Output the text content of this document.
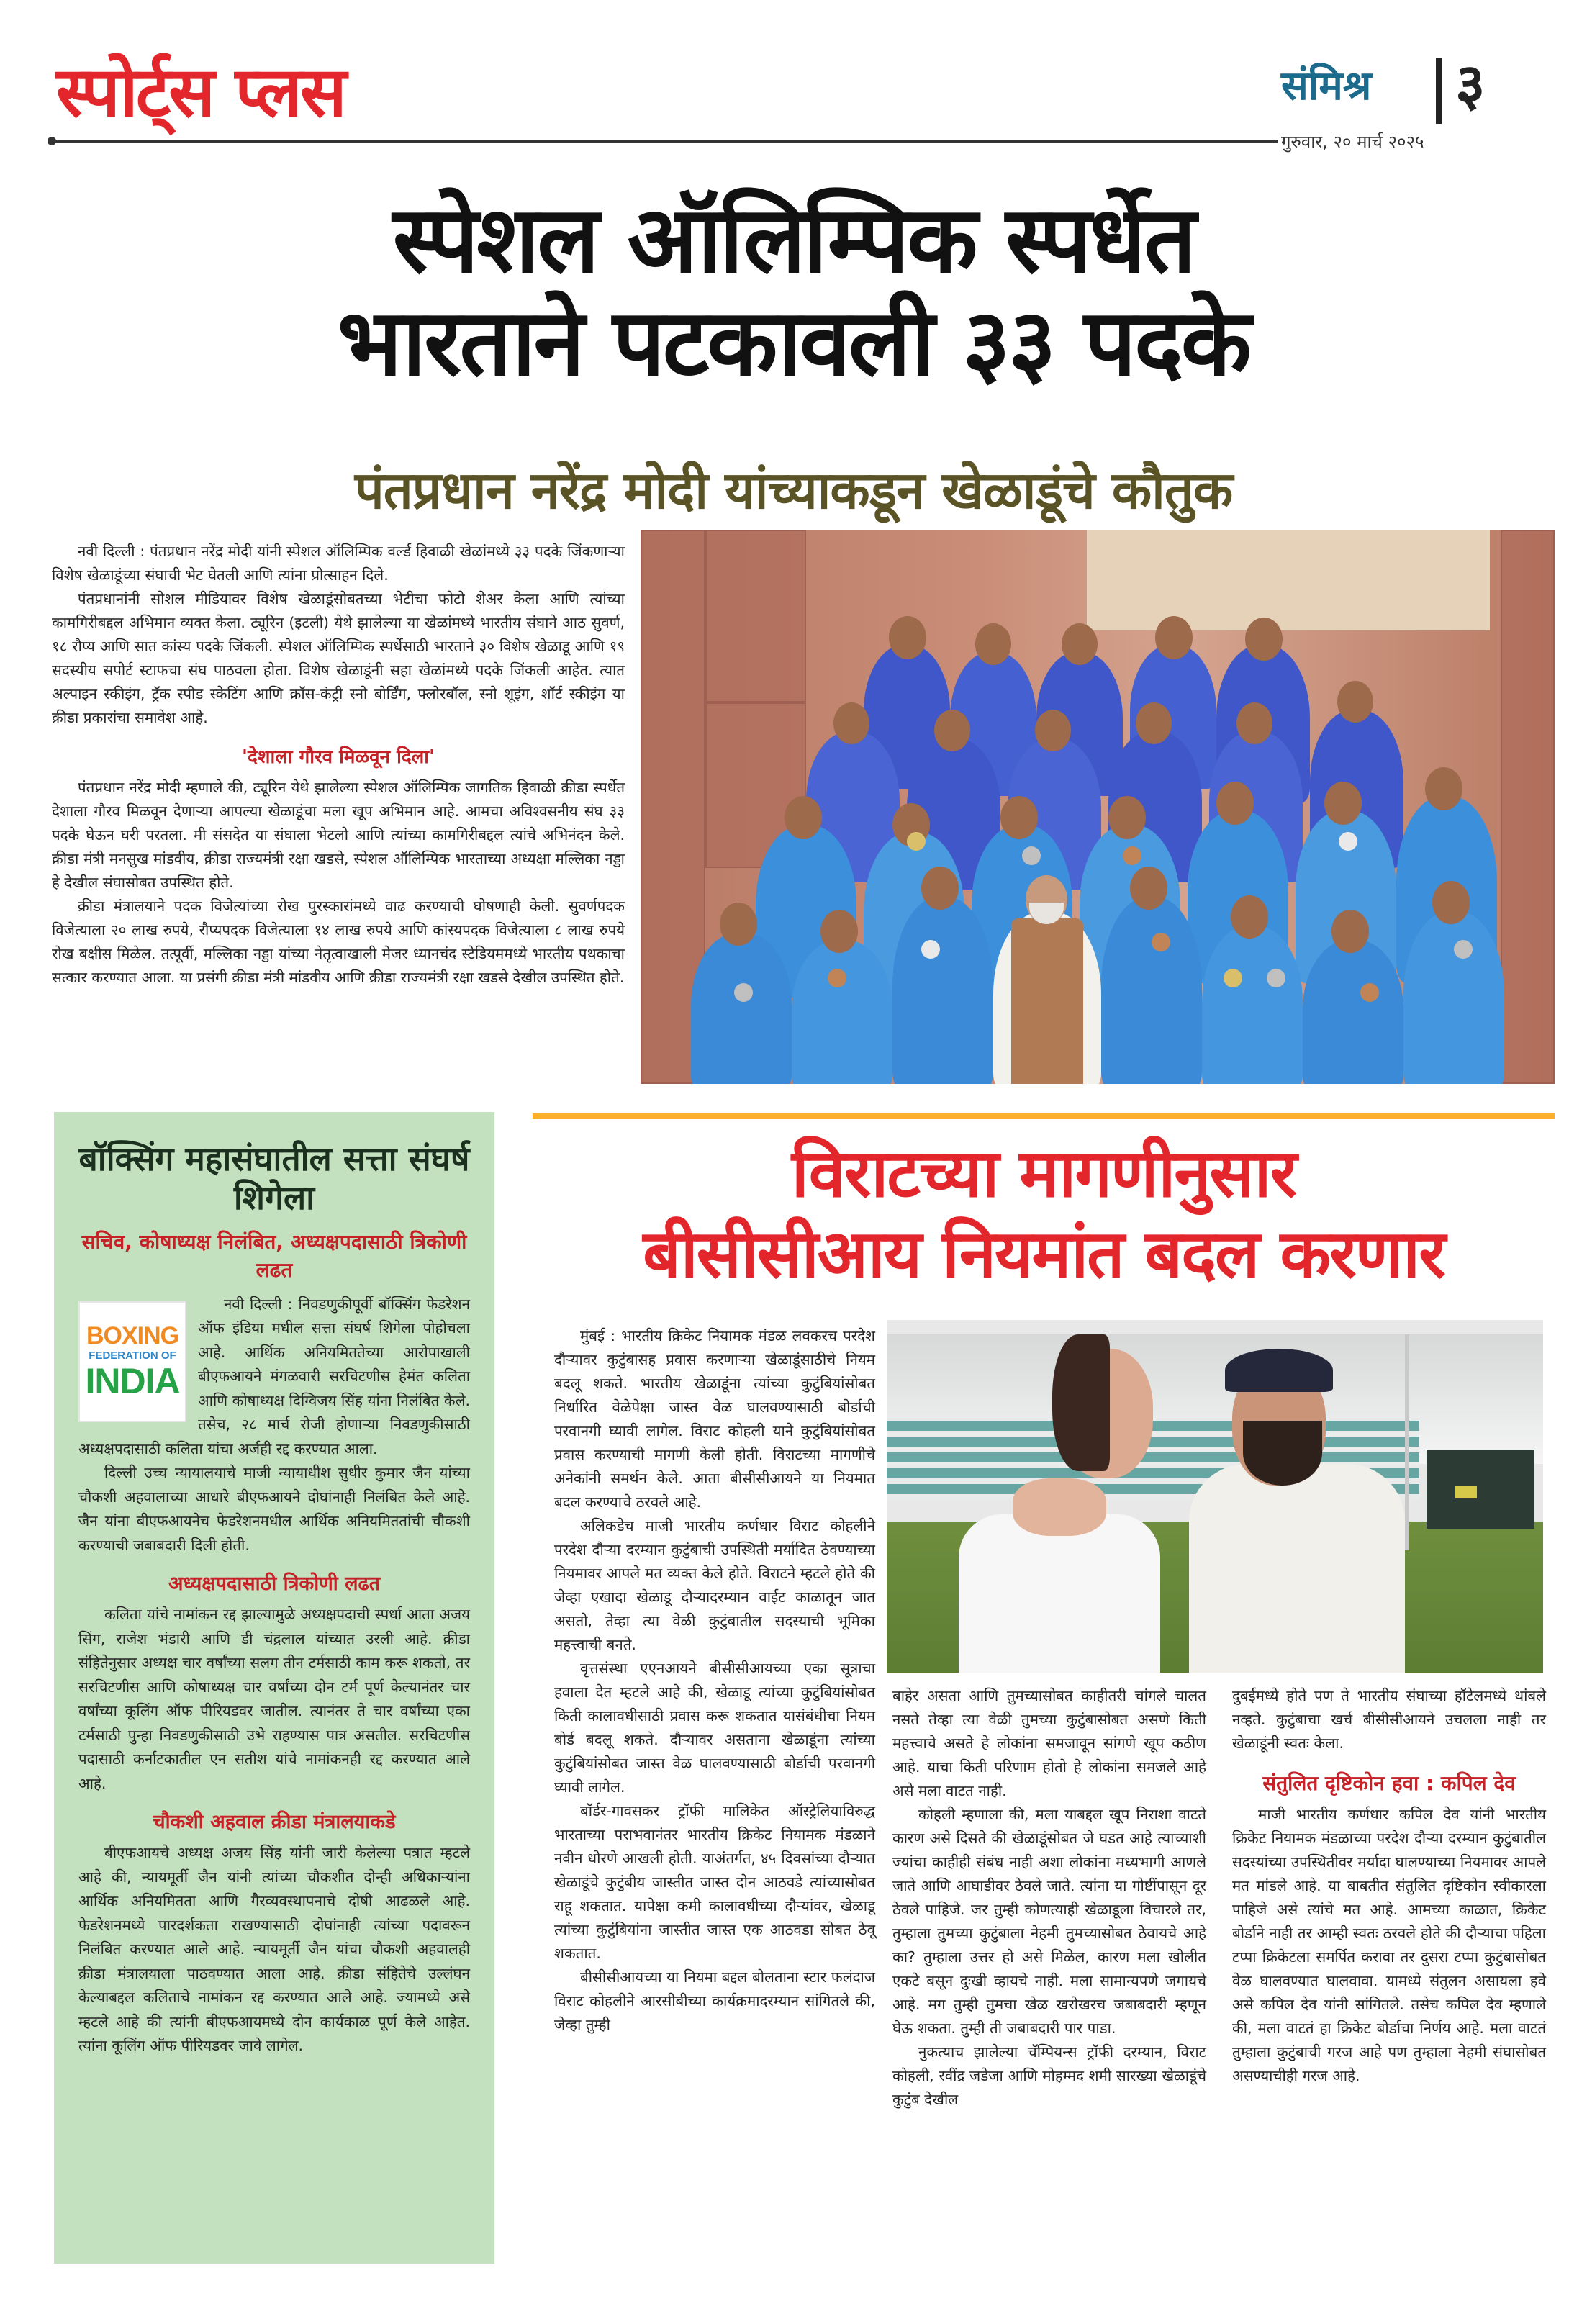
स्पोर्ट्स प्लस	संमिश्र ३
गुरुवार, २० मार्च २०२५
स्पेशल ऑलिम्पिक स्पर्धेत
भारताने पटकावली ३३ पदके
पंतप्रधान नरेंद्र मोदी यांच्याकडून खेळाडूंचे कौतुक

नवी दिल्ली : पंतप्रधान नरेंद्र मोदी यांनी स्पेशल ऑलिम्पिक वर्ल्ड हिवाळी खेळांमध्ये ३३ पदके जिंकणाऱ्या विशेष खेळाडूंच्या संघाची भेट घेतली आणि त्यांना प्रोत्साहन दिले.

पंतप्रधानांनी सोशल मीडियावर विशेष खेळाडूंसोबतच्या भेटीचा फोटो शेअर केला आणि त्यांच्या कामगिरीबद्दल अभिमान व्यक्त केला. ट्यूरिन (इटली) येथे झालेल्या या खेळांमध्ये भारतीय संघाने आठ सुवर्ण, १८ रौप्य आणि सात कांस्य पदके जिंकली. स्पेशल ऑलिम्पिक स्पर्धेसाठी भारताने ३० विशेष खेळाडू आणि १९ सदस्यीय सपोर्ट स्टाफचा संघ पाठवला होता. विशेष खेळाडूंनी सहा खेळांमध्ये पदके जिंकली आहेत. त्यात अल्पाइन स्कीइंग, ट्रॅक स्पीड स्केटिंग आणि क्रॉस-कंट्री स्नो बोर्डिंग, फ्लोरबॉल, स्नो शूइंग, शॉर्ट स्कीइंग या क्रीडा प्रकारांचा समावेश आहे.

'देशाला गौरव मिळवून दिला'

पंतप्रधान नरेंद्र मोदी म्हणाले की, ट्यूरिन येथे झालेल्या स्पेशल ऑलिम्पिक जागतिक हिवाळी क्रीडा स्पर्धेत देशाला गौरव मिळवून देणाऱ्या आपल्या खेळाडूंचा मला खूप अभिमान आहे. आमचा अविश्वसनीय संघ ३३ पदके घेऊन घरी परतला. मी संसदेत या संघाला भेटलो आणि त्यांच्या कामगिरीबद्दल त्यांचे अभिनंदन केले. क्रीडा मंत्री मनसुख मांडवीय, क्रीडा राज्यमंत्री रक्षा खडसे, स्पेशल ऑलिम्पिक भारताच्या अध्यक्षा मल्लिका नड्डा हे देखील संघासोबत उपस्थित होते.

क्रीडा मंत्रालयाने पदक विजेत्यांच्या रोख पुरस्कारांमध्ये वाढ करण्याची घोषणाही केली. सुवर्णपदक विजेत्याला २० लाख रुपये, रौप्यपदक विजेत्याला १४ लाख रुपये आणि कांस्यपदक विजेत्याला ८ लाख रुपये रोख बक्षीस मिळेल. तत्पूर्वी, मल्लिका नड्डा यांच्या नेतृत्वाखाली मेजर ध्यानचंद स्टेडियममध्ये भारतीय पथकाचा सत्कार करण्यात आला. या प्रसंगी क्रीडा मंत्री मांडवीय आणि क्रीडा राज्यमंत्री रक्षा खडसे देखील उपस्थित होते.

बॉक्सिंग महासंघातील सत्ता संघर्ष शिगेला
सचिव, कोषाध्यक्ष निलंबित, अध्यक्षपदासाठी त्रिकोणी लढत
BOXING
FEDERATION OF
INDIA

नवी दिल्ली : निवडणुकीपूर्वी बॉक्सिंग फेडरेशन ऑफ इंडिया मधील सत्ता संघर्ष शिगेला पोहोचला आहे. आर्थिक अनियमिततेच्या आरोपाखाली बीएफआयने मंगळवारी सरचिटणीस हेमंत कलिता आणि कोषाध्यक्ष दिग्विजय सिंह यांना निलंबित केले. तसेच, २८ मार्च रोजी होणाऱ्या निवडणुकीसाठी अध्यक्षपदासाठी कलिता यांचा अर्जही रद्द करण्यात आला.

दिल्ली उच्च न्यायालयाचे माजी न्यायाधीश सुधीर कुमार जैन यांच्या चौकशी अहवालाच्या आधारे बीएफआयने दोघांनाही निलंबित केले आहे. जैन यांना बीएफआयनेच फेडरेशनमधील आर्थिक अनियमिततांची चौकशी करण्याची जबाबदारी दिली होती.

अध्यक्षपदासाठी त्रिकोणी लढत

कलिता यांचे नामांकन रद्द झाल्यामुळे अध्यक्षपदाची स्पर्धा आता अजय सिंग, राजेश भंडारी आणि डी चंद्रलाल यांच्यात उरली आहे. क्रीडा संहितेनुसार अध्यक्ष चार वर्षांच्या सलग तीन टर्मसाठी काम करू शकतो, तर सरचिटणीस आणि कोषाध्यक्ष चार वर्षांच्या दोन टर्म पूर्ण केल्यानंतर चार वर्षांच्या कूलिंग ऑफ पीरियडवर जातील. त्यानंतर ते चार वर्षांच्या एका टर्मसाठी पुन्हा निवडणुकीसाठी उभे राहण्यास पात्र असतील. सरचिटणीस पदासाठी कर्नाटकातील एन सतीश यांचे नामांकनही रद्द करण्यात आले आहे.

चौकशी अहवाल क्रीडा मंत्रालयाकडे

बीएफआयचे अध्यक्ष अजय सिंह यांनी जारी केलेल्या पत्रात म्हटले आहे की, न्यायमूर्ती जैन यांनी त्यांच्या चौकशीत दोन्ही अधिकाऱ्यांना आर्थिक अनियमितता आणि गैरव्यवस्थापनाचे दोषी आढळले आहे. फेडरेशनमध्ये पारदर्शकता राखण्यासाठी दोघांनाही त्यांच्या पदावरून निलंबित करण्यात आले आहे. न्यायमूर्ती जैन यांचा चौकशी अहवालही क्रीडा मंत्रालयाला पाठवण्यात आला आहे. क्रीडा संहितेचे उल्लंघन केल्याबद्दल कलिताचे नामांकन रद्द करण्यात आले आहे. ज्यामध्ये असे म्हटले आहे की त्यांनी बीएफआयमध्ये दोन कार्यकाळ पूर्ण केले आहेत. त्यांना कूलिंग ऑफ पीरियडवर जावे लागेल.

विराटच्या मागणीनुसार
बीसीसीआय नियमांत बदल करणार

मुंबई : भारतीय क्रिकेट नियामक मंडळ लवकरच परदेश दौऱ्यावर कुटुंबासह प्रवास करणाऱ्या खेळाडूंसाठीचे नियम बदलू शकते. भारतीय खेळाडूंना त्यांच्या कुटुंबियांसोबत निर्धारित वेळेपेक्षा जास्त वेळ घालवण्यासाठी बोर्डाची परवानगी घ्यावी लागेल. विराट कोहली याने कुटुंबियांसोबत प्रवास करण्याची मागणी केली होती. विराटच्या मागणीचे अनेकांनी समर्थन केले. आता बीसीसीआयने या नियमात बदल करण्याचे ठरवले आहे.

अलिकडेच माजी भारतीय कर्णधार विराट कोहलीने परदेश दौऱ्या दरम्यान कुटुंबाची उपस्थिती मर्यादित ठेवण्याच्या नियमावर आपले मत व्यक्त केले होते. विराटने म्हटले होते की जेव्हा एखादा खेळाडू दौऱ्यादरम्यान वाईट काळातून जात असतो, तेव्हा त्या वेळी कुटुंबातील सदस्याची भूमिका महत्त्वाची बनते.

वृत्तसंस्था एएनआयने बीसीसीआयच्या एका सूत्राचा हवाला देत म्हटले आहे की, खेळाडू त्यांच्या कुटुंबियांसोबत किती कालावधीसाठी प्रवास करू शकतात यासंबंधीचा नियम बोर्ड बदलू शकते. दौऱ्यावर असताना खेळाडूंना त्यांच्या कुटुंबियांसोबत जास्त वेळ घालवण्यासाठी बोर्डाची परवानगी घ्यावी लागेल.

बॉर्डर-गावसकर ट्रॉफी मालिकेत ऑस्ट्रेलियाविरुद्ध भारताच्या पराभवानंतर भारतीय क्रिकेट नियामक मंडळाने नवीन धोरणे आखली होती. याअंतर्गत, ४५ दिवसांच्या दौऱ्यात खेळाडूंचे कुटुंबीय जास्तीत जास्त दोन आठवडे त्यांच्यासोबत राहू शकतात. यापेक्षा कमी कालावधीच्या दौऱ्यांवर, खेळाडू त्यांच्या कुटुंबियांना जास्तीत जास्त एक आठवडा सोबत ठेवू शकतात.

बीसीसीआयच्या या नियमा बद्दल बोलताना स्टार फलंदाज विराट कोहलीने आरसीबीच्या कार्यक्रमादरम्यान सांगितले की, जेव्हा तुम्ही

बाहेर असता आणि तुमच्यासोबत काहीतरी चांगले चालत नसते तेव्हा त्या वेळी तुमच्या कुटुंबासोबत असणे किती महत्त्वाचे असते हे लोकांना समजावून सांगणे खूप कठीण आहे. याचा किती परिणाम होतो हे लोकांना समजले आहे असे मला वाटत नाही.

कोहली म्हणाला की, मला याबद्दल खूप निराशा वाटते कारण असे दिसते की खेळाडूंसोबत जे घडत आहे त्याच्याशी ज्यांचा काहीही संबंध नाही अशा लोकांना मध्यभागी आणले जाते आणि आघाडीवर ठेवले जाते. त्यांना या गोष्टींपासून दूर ठेवले पाहिजे. जर तुम्ही कोणत्याही खेळाडूला विचारले तर, तुम्हाला तुमच्या कुटुंबाला नेहमी तुमच्यासोबत ठेवायचे आहे का? तुम्हाला उत्तर हो असे मिळेल, कारण मला खोलीत एकटे बसून दुःखी व्हायचे नाही. मला सामान्यपणे जगायचे आहे. मग तुम्ही तुमचा खेळ खरोखरच जबाबदारी म्हणून घेऊ शकता. तुम्ही ती जबाबदारी पार पाडा.

नुकत्याच झालेल्या चॅम्पियन्स ट्रॉफी दरम्यान, विराट कोहली, रवींद्र जडेजा आणि मोहम्मद शमी सारख्या खेळाडूंचे कुटुंब देखील

दुबईमध्ये होते पण ते भारतीय संघाच्या हॉटेलमध्ये थांबले नव्हते. कुटुंबाचा खर्च बीसीसीआयने उचलला नाही तर खेळाडूंनी स्वतः केला.

संतुलित दृष्टिकोन हवा : कपिल देव

माजी भारतीय कर्णधार कपिल देव यांनी भारतीय क्रिकेट नियामक मंडळाच्या परदेश दौऱ्या दरम्यान कुटुंबातील सदस्यांच्या उपस्थितीवर मर्यादा घालण्याच्या नियमावर आपले मत मांडले आहे. या बाबतीत संतुलित दृष्टिकोन स्वीकारला पाहिजे असे त्यांचे मत आहे. आमच्या काळात, क्रिकेट बोर्डाने नाही तर आम्ही स्वतः ठरवले होते की दौऱ्याचा पहिला टप्पा क्रिकेटला समर्पित करावा तर दुसरा टप्पा कुटुंबासोबत वेळ घालवण्यात घालवावा. यामध्ये संतुलन असायला हवे असे कपिल देव यांनी सांगितले. तसेच कपिल देव म्हणाले की, मला वाटतं हा क्रिकेट बोर्डाचा निर्णय आहे. मला वाटतं तुम्हाला कुटुंबाची गरज आहे पण तुम्हाला नेहमी संघासोबत असण्याचीही गरज आहे.
